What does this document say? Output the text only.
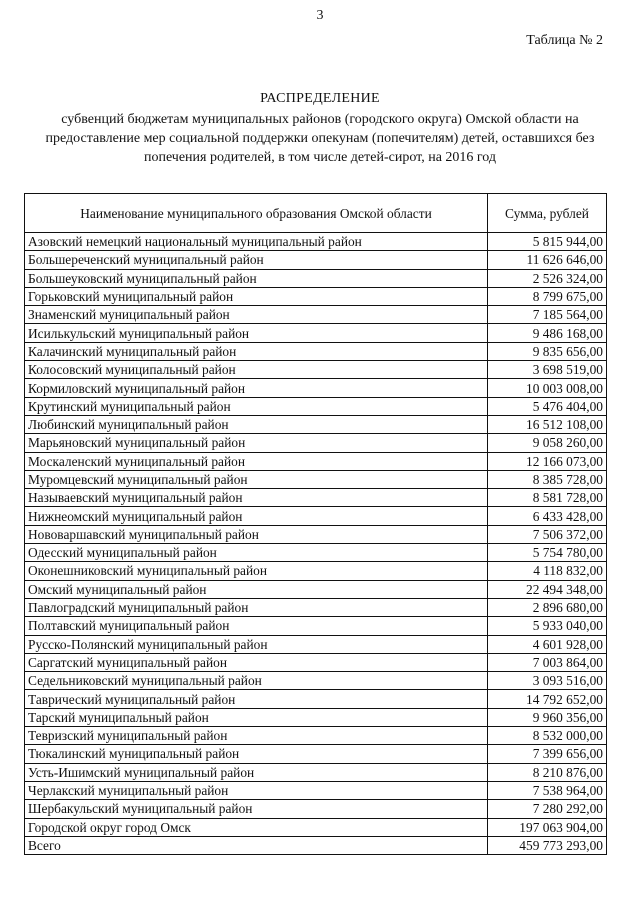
3
Таблица № 2
РАСПРЕДЕЛЕНИЕ
субвенций бюджетам муниципальных районов (городского округа) Омской области на предоставление мер социальной поддержки опекунам (попечителям) детей, оставшихся без попечения родителей, в том числе детей-сирот, на 2016 год
Наименование муниципального образования Омской области	Сумма, рублей
Азовский немецкий национальный муниципальный район	5 815 944,00
Большереченский муниципальный район	11 626 646,00
Большеуковский муниципальный район	2 526 324,00
Горьковский муниципальный район	8 799 675,00
Знаменский муниципальный район	7 185 564,00
Исилькульский муниципальный район	9 486 168,00
Калачинский муниципальный район	9 835 656,00
Колосовский муниципальный район	3 698 519,00
Кормиловский муниципальный район	10 003 008,00
Крутинский муниципальный район	5 476 404,00
Любинский муниципальный район	16 512 108,00
Марьяновский муниципальный район	9 058 260,00
Москаленский муниципальный район	12 166 073,00
Муромцевский муниципальный район	8 385 728,00
Называевский муниципальный район	8 581 728,00
Нижнеомский муниципальный район	6 433 428,00
Нововаршавский муниципальный район	7 506 372,00
Одесский муниципальный район	5 754 780,00
Оконешниковский муниципальный район	4 118 832,00
Омский муниципальный район	22 494 348,00
Павлоградский муниципальный район	2 896 680,00
Полтавский муниципальный район	5 933 040,00
Русско-Полянский муниципальный район	4 601 928,00
Саргатский муниципальный район	7 003 864,00
Седельниковский муниципальный район	3 093 516,00
Таврический муниципальный район	14 792 652,00
Тарский муниципальный район	9 960 356,00
Тевризский муниципальный район	8 532 000,00
Тюкалинский муниципальный район	7 399 656,00
Усть-Ишимский муниципальный район	8 210 876,00
Черлакский муниципальный район	7 538 964,00
Шербакульский муниципальный район	7 280 292,00
Городской округ город Омск	197 063 904,00
Всего	459 773 293,00
